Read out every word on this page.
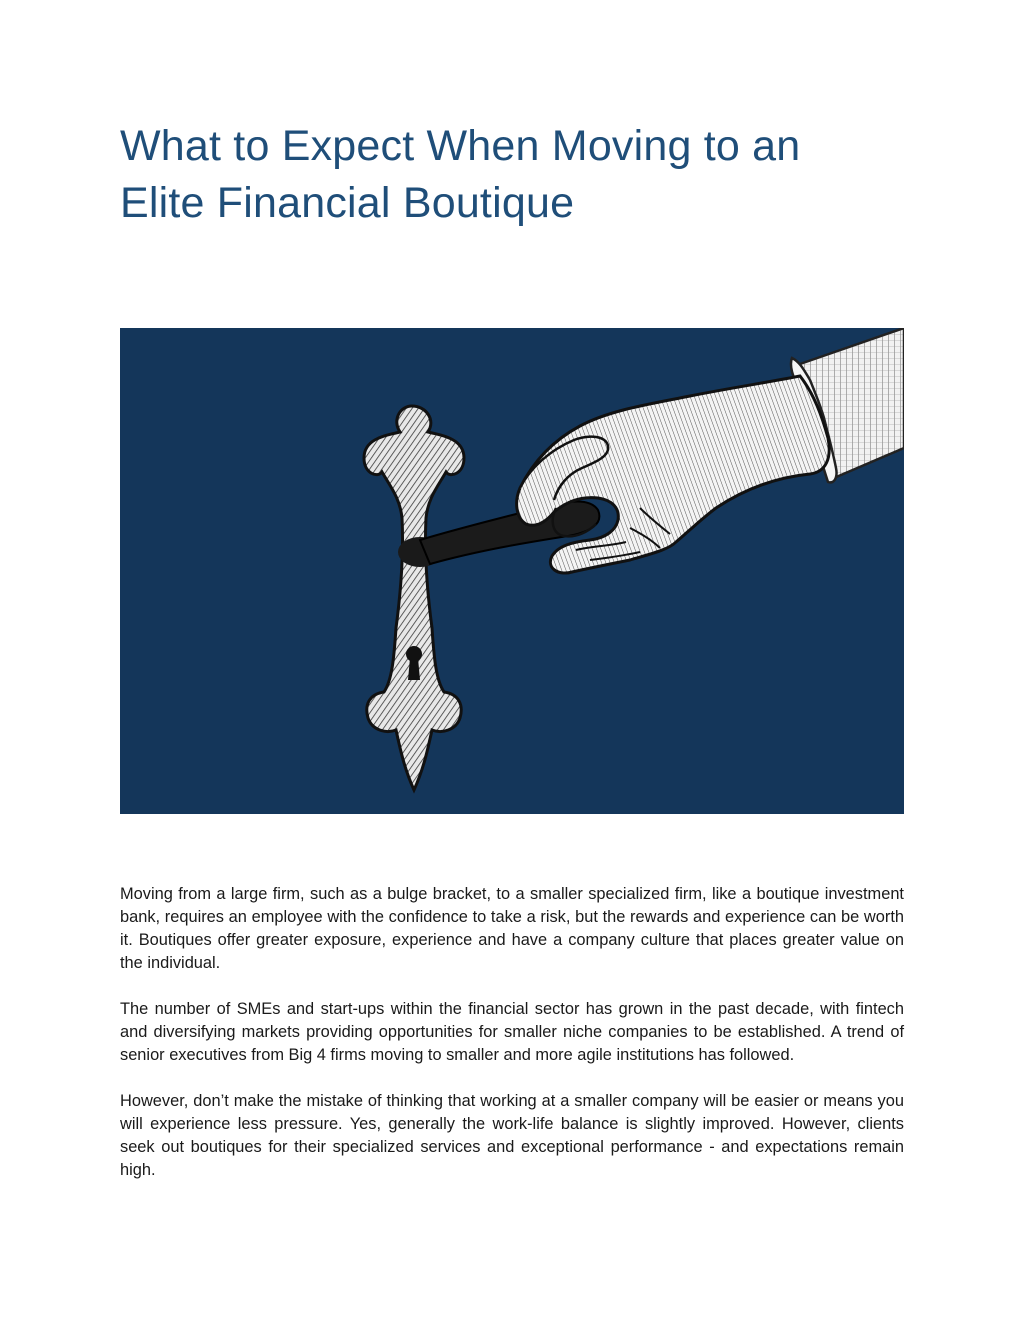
What to Expect When Moving to an
Elite Financial Boutique

Moving from a large firm, such as a bulge bracket, to a smaller specialized firm, like a boutique investment bank, requires an employee with the confidence to take a risk, but the rewards and experience can be worth it. Boutiques offer greater exposure, experience and have a company culture that places greater value on the individual.

The number of SMEs and start-ups within the financial sector has grown in the past decade, with fintech and diversifying markets providing opportunities for smaller niche companies to be established. A trend of senior executives from Big 4 firms moving to smaller and more agile institutions has followed.

However, don’t make the mistake of thinking that working at a smaller company will be easier or means you will experience less pressure. Yes, generally the work-life balance is slightly improved. However, clients seek out boutiques for their specialized services and exceptional performance - and expectations remain high.
